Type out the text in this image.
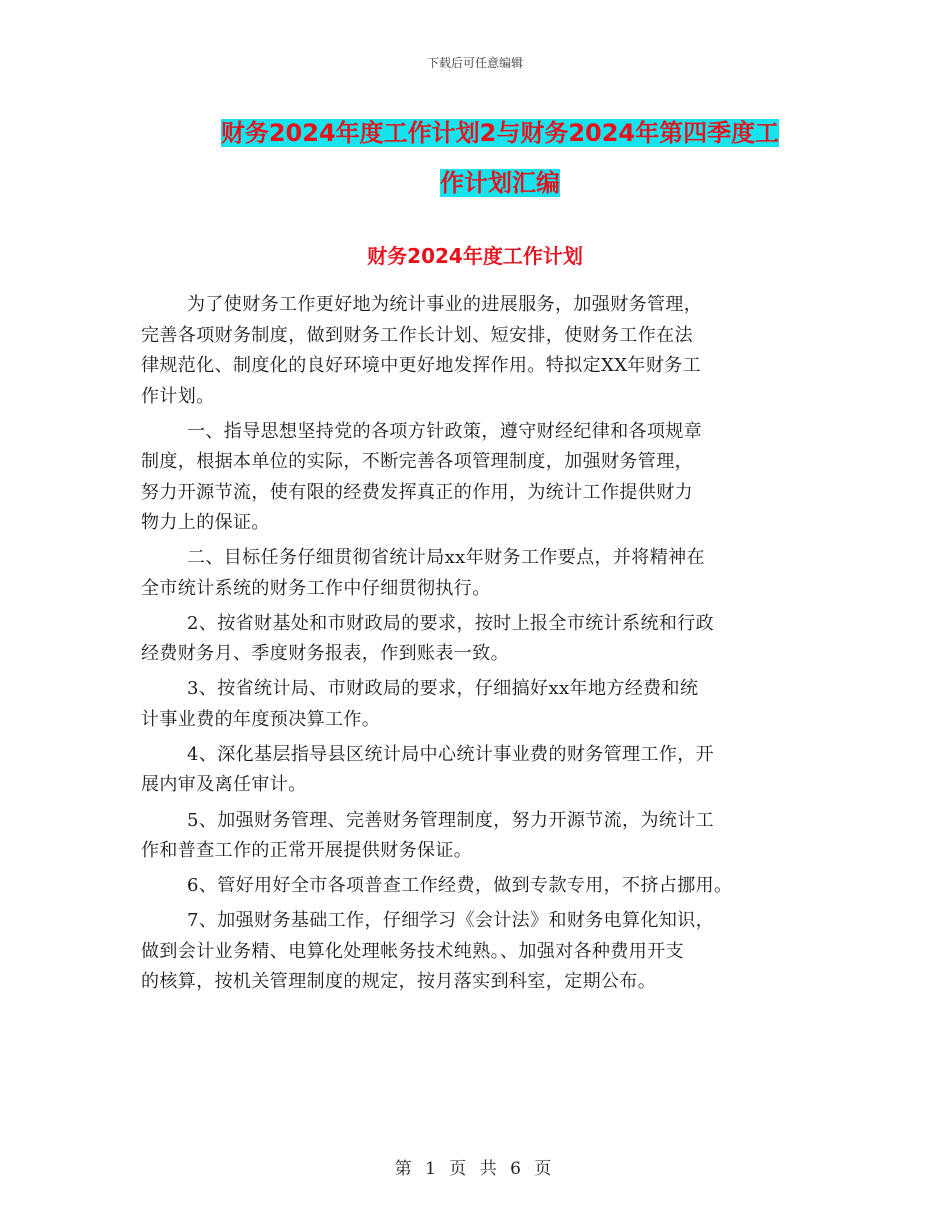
下载后可任意编辑
财务2024年度工作计划2与财务2024年第四季度工
作计划汇编
财务2024年度工作计划

为了使财务工作更好地为统计事业的进展服务，加强财务管理，
完善各项财务制度，做到财务工作长计划、短安排，使财务工作在法
律规范化、制度化的良好环境中更好地发挥作用。特拟定XX年财务工
作计划。

一、指导思想坚持党的各项方针政策，遵守财经纪律和各项规章
制度，根据本单位的实际，不断完善各项管理制度，加强财务管理，
努力开源节流，使有限的经费发挥真正的作用，为统计工作提供财力
物力上的保证。

二、目标任务仔细贯彻省统计局xx年财务工作要点，并将精神在
全市统计系统的财务工作中仔细贯彻执行。

2、按省财基处和市财政局的要求，按时上报全市统计系统和行政
经费财务月、季度财务报表，作到账表一致。

3、按省统计局、市财政局的要求，仔细搞好xx年地方经费和统
计事业费的年度预决算工作。

4、深化基层指导县区统计局中心统计事业费的财务管理工作，开
展内审及离任审计。

5、加强财务管理、完善财务管理制度，努力开源节流，为统计工
作和普查工作的正常开展提供财务保证。

6、管好用好全市各项普查工作经费，做到专款专用，不挤占挪用。

7、加强财务基础工作，仔细学习《会计法》和财务电算化知识，
做到会计业务精、电算化处理帐务技术纯熟。、加强对各种费用开支
的核算，按机关管理制度的规定，按月落实到科室，定期公布。

第 1 页 共 6 页
